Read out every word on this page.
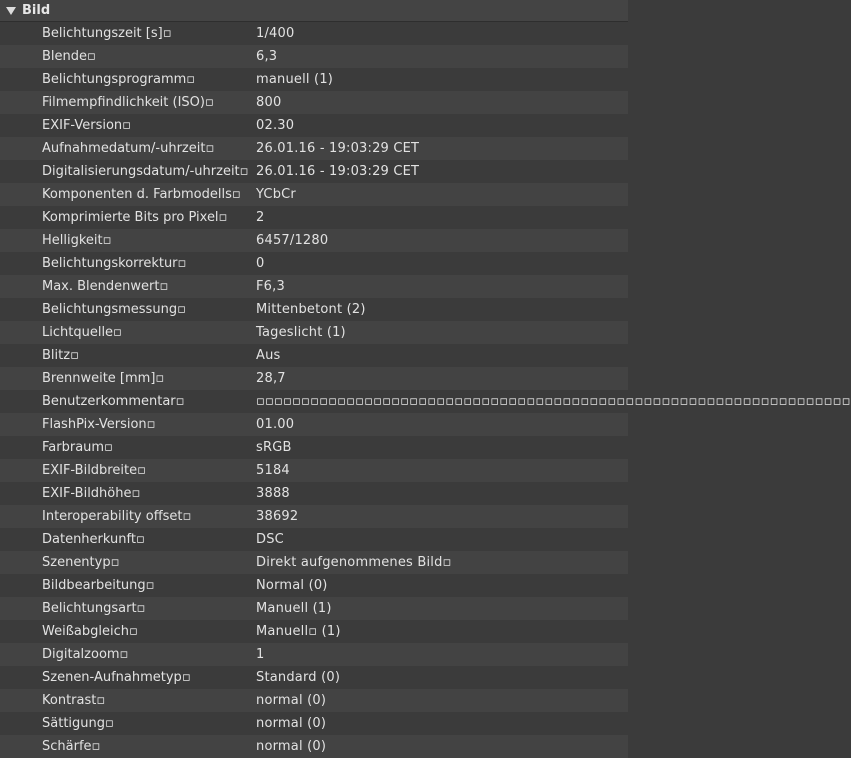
Bild
Belichtungszeit [s]▫	1/400
Blende▫	6,3
Belichtungsprogramm▫	manuell (1)
Filmempfindlichkeit (ISO)▫	800
EXIF-Version▫	02.30
Aufnahmedatum/-uhrzeit▫	26.01.16 - 19:03:29 CET
Digitalisierungsdatum/-uhrzeit▫ 26.01.16 - 19:03:29 CET
Komponenten d. Farbmodells▫	YCbCr
Komprimierte Bits pro Pixel▫	2
Helligkeit▫	6457/1280
Belichtungskorrektur▫	0
Max. Blendenwert▫	F6,3
Belichtungsmessung▫	Mittenbetont (2)
Lichtquelle▫	Tageslicht (1)
Blitz▫	Aus
Brennweite [mm]▫	28,7
Benutzerkommentar▫	▫▫▫▫▫▫▫▫▫▫▫▫▫▫▫▫▫▫▫▫▫▫▫▫▫▫▫▫▫▫▫▫▫▫▫▫▫▫▫▫▫▫▫▫▫▫▫▫▫▫▫▫▫▫▫▫▫▫▫▫▫▫▫▫▫▫
FlashPix-Version▫	01.00
Farbraum▫	sRGB
EXIF-Bildbreite▫	5184
EXIF-Bildhöhe▫	3888
Interoperability offset▫	38692
Datenherkunft▫	DSC
Szenentyp▫	Direkt aufgenommenes Bild▫
Bildbearbeitung▫	Normal (0)
Belichtungsart▫	Manuell (1)
Weißabgleich▫	Manuell▫ (1)
Digitalzoom▫	1
Szenen-Aufnahmetyp▫	Standard (0)
Kontrast▫	normal (0)
Sättigung▫	normal (0)
Schärfe▫	normal (0)
